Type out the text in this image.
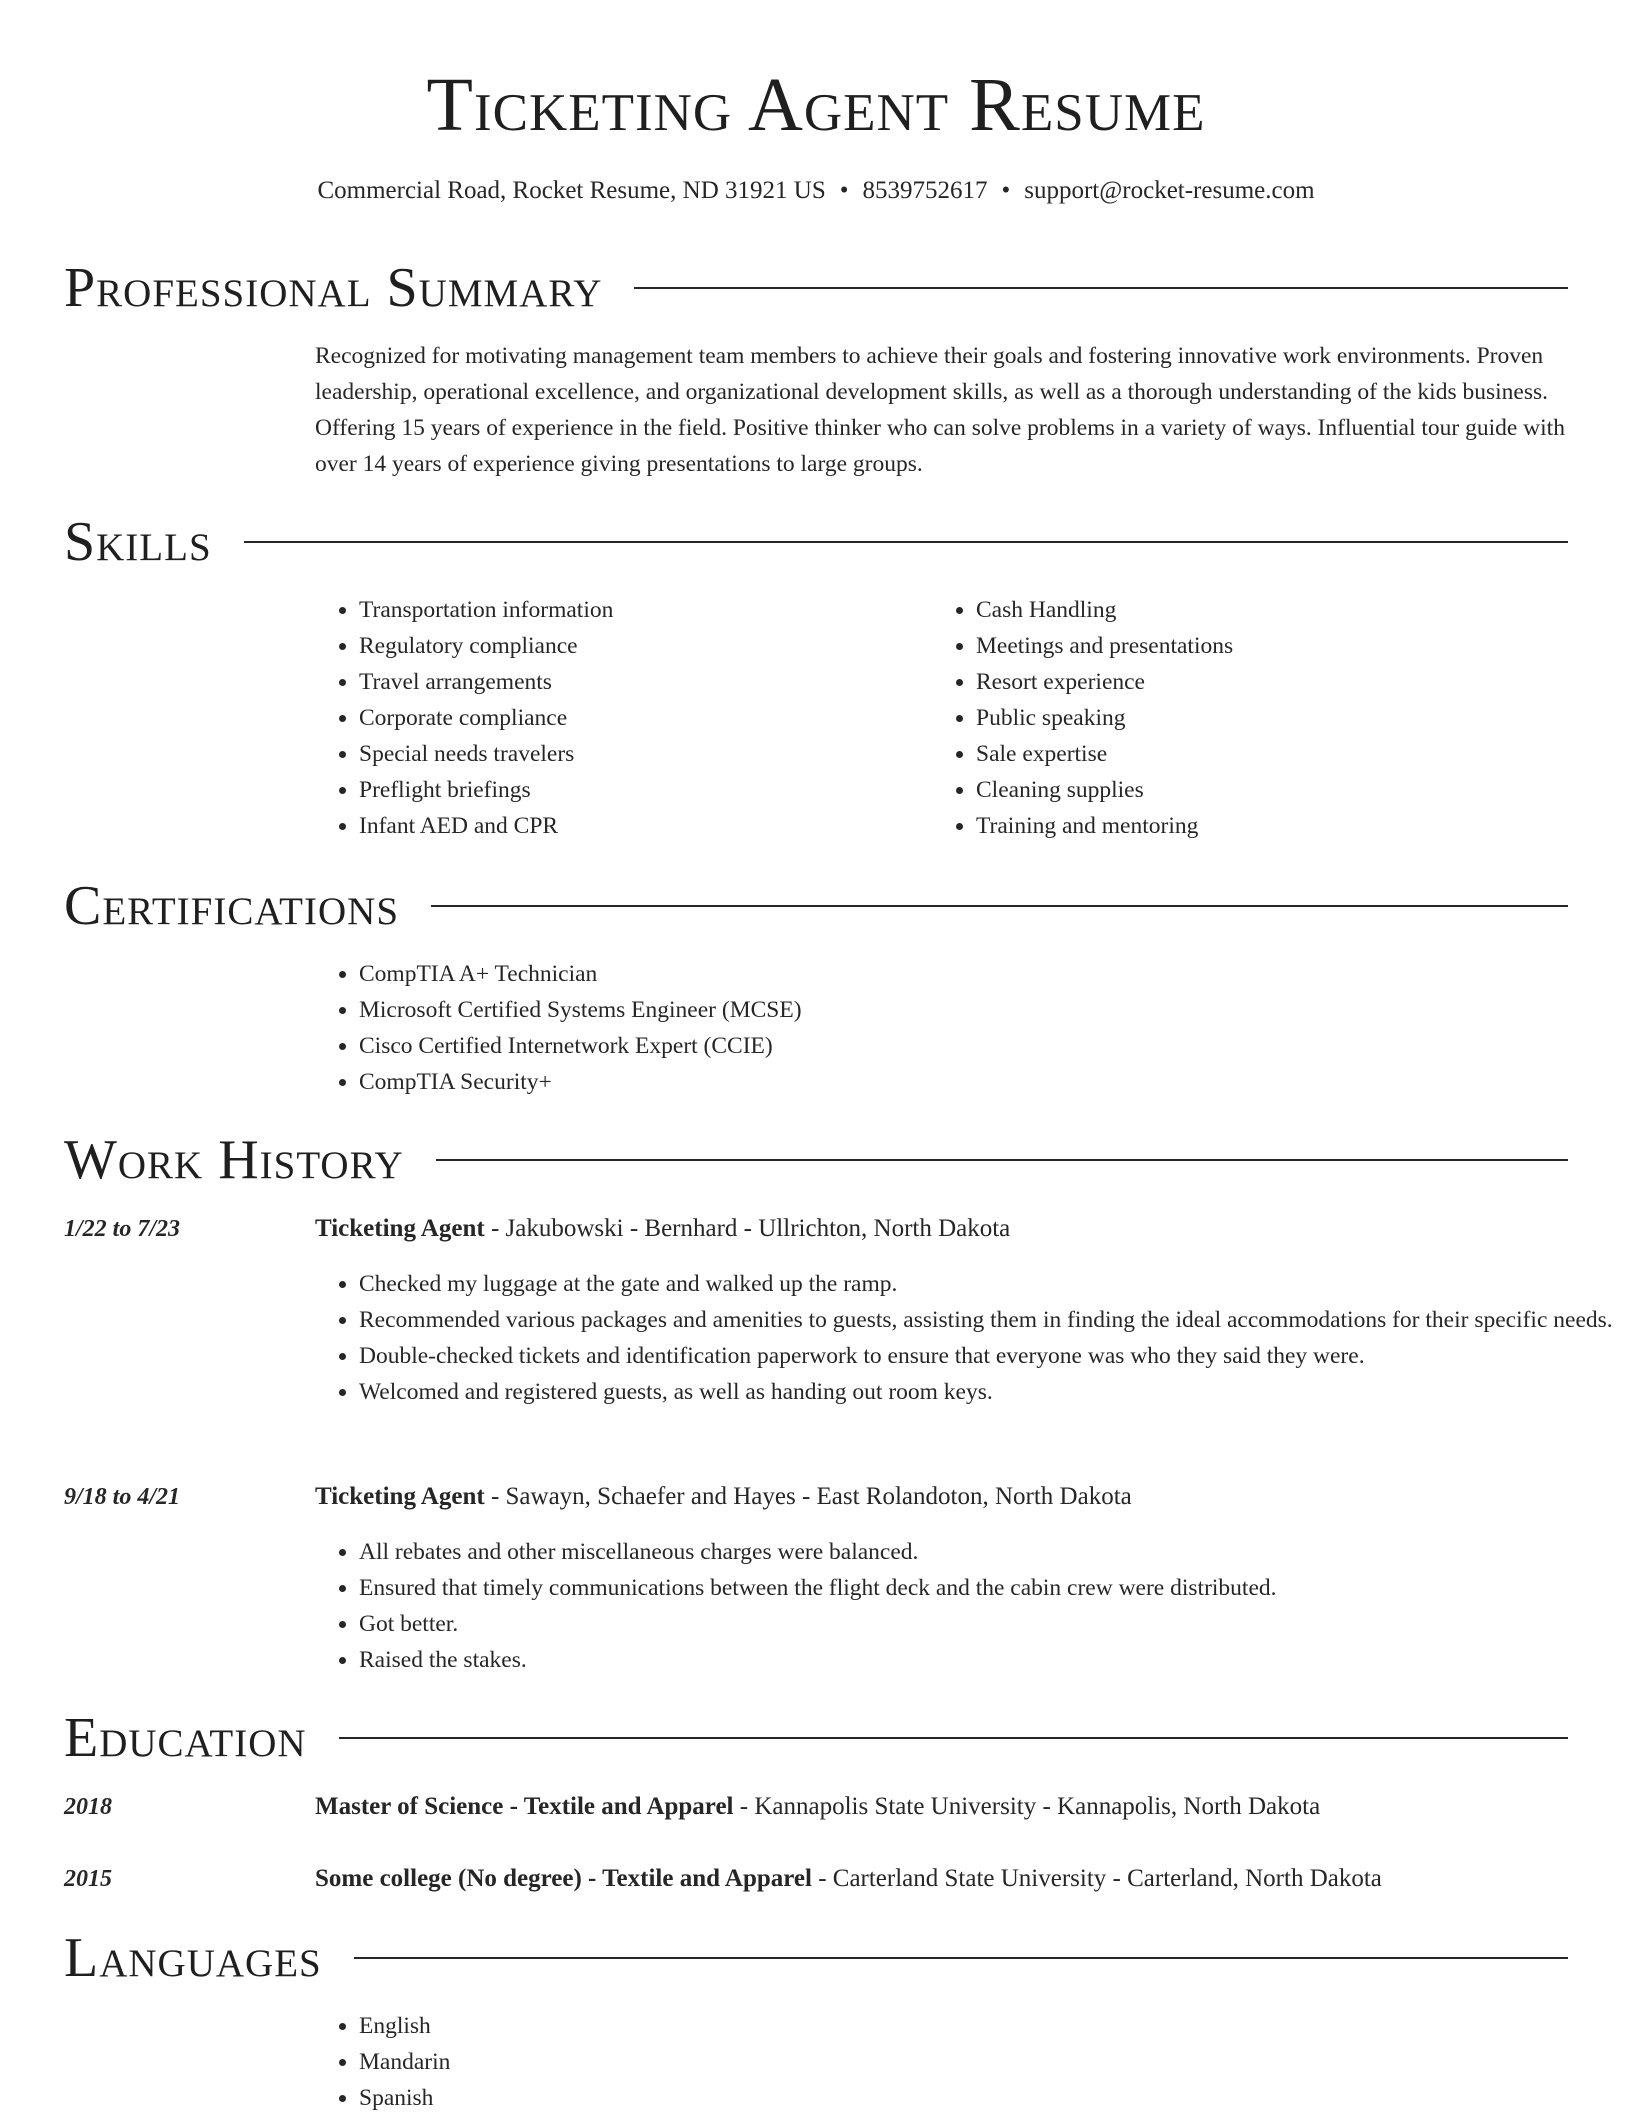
Ticketing Agent Resume
Commercial Road, Rocket Resume, ND 31921 US • 8539752617 • support@rocket-resume.com
Professional Summary
Recognized for motivating management team members to achieve their goals and fostering innovative work environments. Proven leadership, operational excellence, and organizational development skills, as well as a thorough understanding of the kids business. Offering 15 years of experience in the field. Positive thinker who can solve problems in a variety of ways. Influential tour guide with over 14 years of experience giving presentations to large groups.
Skills
• Transportation information
• Regulatory compliance
• Travel arrangements
• Corporate compliance
• Special needs travelers
• Preflight briefings
• Infant AED and CPR
• Cash Handling
• Meetings and presentations
• Resort experience
• Public speaking
• Sale expertise
• Cleaning supplies
• Training and mentoring
Certifications
• CompTIA A+ Technician
• Microsoft Certified Systems Engineer (MCSE)
• Cisco Certified Internetwork Expert (CCIE)
• CompTIA Security+
Work History
1/22 to 7/23	Ticketing Agent - Jakubowski - Bernhard - Ullrichton, North Dakota
• Checked my luggage at the gate and walked up the ramp.
• Recommended various packages and amenities to guests, assisting them in finding the ideal accommodations for their specific needs.
• Double-checked tickets and identification paperwork to ensure that everyone was who they said they were.
• Welcomed and registered guests, as well as handing out room keys.
9/18 to 4/21	Ticketing Agent - Sawayn, Schaefer and Hayes - East Rolandoton, North Dakota
• All rebates and other miscellaneous charges were balanced.
• Ensured that timely communications between the flight deck and the cabin crew were distributed.
• Got better.
• Raised the stakes.
Education
2018	Master of Science - Textile and Apparel - Kannapolis State University - Kannapolis, North Dakota
2015	Some college (No degree) - Textile and Apparel - Carterland State University - Carterland, North Dakota
Languages
• English
• Mandarin
• Spanish
